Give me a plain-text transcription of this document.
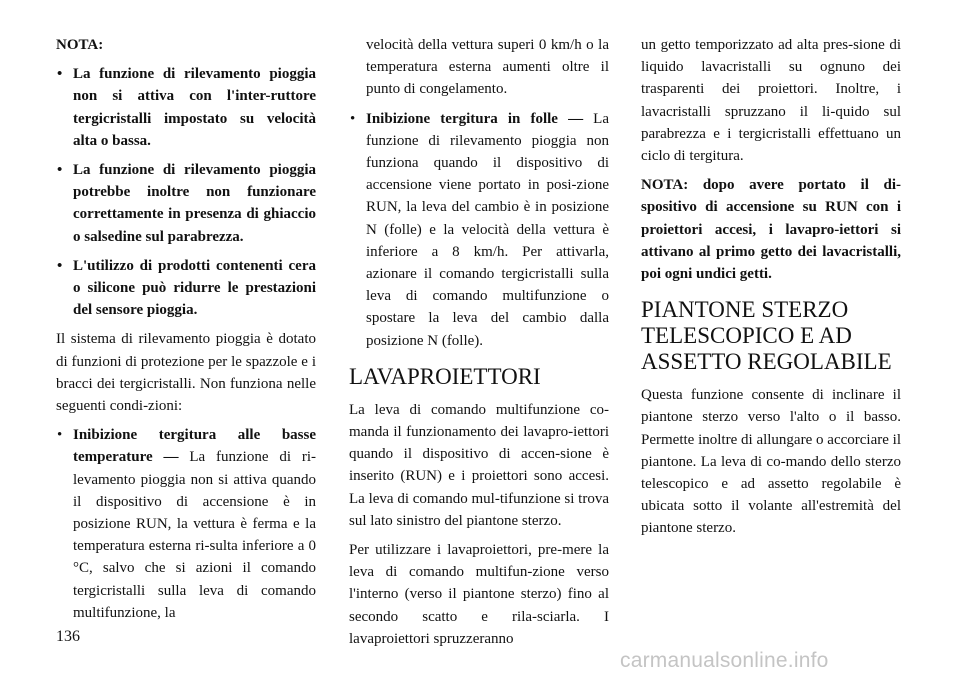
NOTA:

• La funzione di rilevamento pioggia non si attiva con l'inter-ruttore tergicristalli impostato su velocità alta o bassa.
• La funzione di rilevamento pioggia potrebbe inoltre non funzionare correttamente in presenza di ghiaccio o salsedine sul parabrezza.
• L'utilizzo di prodotti contenenti cera o silicone può ridurre le prestazioni del sensore pioggia.

Il sistema di rilevamento pioggia è dotato di funzioni di protezione per le spazzole e i bracci dei tergicristalli. Non funziona nelle seguenti condi-zioni:

• Inibizione tergitura alle basse temperature — La funzione di ri-levamento pioggia non si attiva quando il dispositivo di accensione è in posizione RUN, la vettura è ferma e la temperatura esterna ri-sulta inferiore a 0 °C, salvo che si azioni il comando tergicristalli sulla leva di comando multifunzione, la

velocità della vettura superi 0 km/h o la temperatura esterna aumenti oltre il punto di congelamento.

• Inibizione tergitura in folle — La funzione di rilevamento pioggia non funziona quando il dispositivo di accensione viene portato in posi-zione RUN, la leva del cambio è in posizione N (folle) e la velocità della vettura è inferiore a 8 km/h. Per attivarla, azionare il comando tergicristalli sulla leva di comando multifunzione o spostare la leva del cambio dalla posizione N (folle).
LAVAPROIETTORI

La leva di comando multifunzione co-manda il funzionamento dei lavapro-iettori quando il dispositivo di accen-sione è inserito (RUN) e i proiettori sono accesi. La leva di comando mul-tifunzione si trova sul lato sinistro del piantone sterzo.

Per utilizzare i lavaproiettori, pre-mere la leva di comando multifun-zione verso l'interno (verso il piantone sterzo) fino al secondo scatto e rila-sciarla. I lavaproiettori spruzzeranno

un getto temporizzato ad alta pres-sione di liquido lavacristalli su ognuno dei trasparenti dei proiettori. Inoltre, i lavacristalli spruzzano il li-quido sul parabrezza e i tergicristalli effettuano un ciclo di tergitura.

NOTA: dopo avere portato il di-spositivo di accensione su RUN con i proiettori accesi, i lavapro-iettori si attivano al primo getto dei lavacristalli, poi ogni undici getti.

PIANTONE STERZO
TELESCOPICO E AD
ASSETTO REGOLABILE

Questa funzione consente di inclinare il piantone sterzo verso l'alto o il basso. Permette inoltre di allungare o accorciare il piantone. La leva di co-mando dello sterzo telescopico e ad assetto regolabile è ubicata sotto il volante all'estremità del piantone sterzo.

136
carmanualsonline.info
